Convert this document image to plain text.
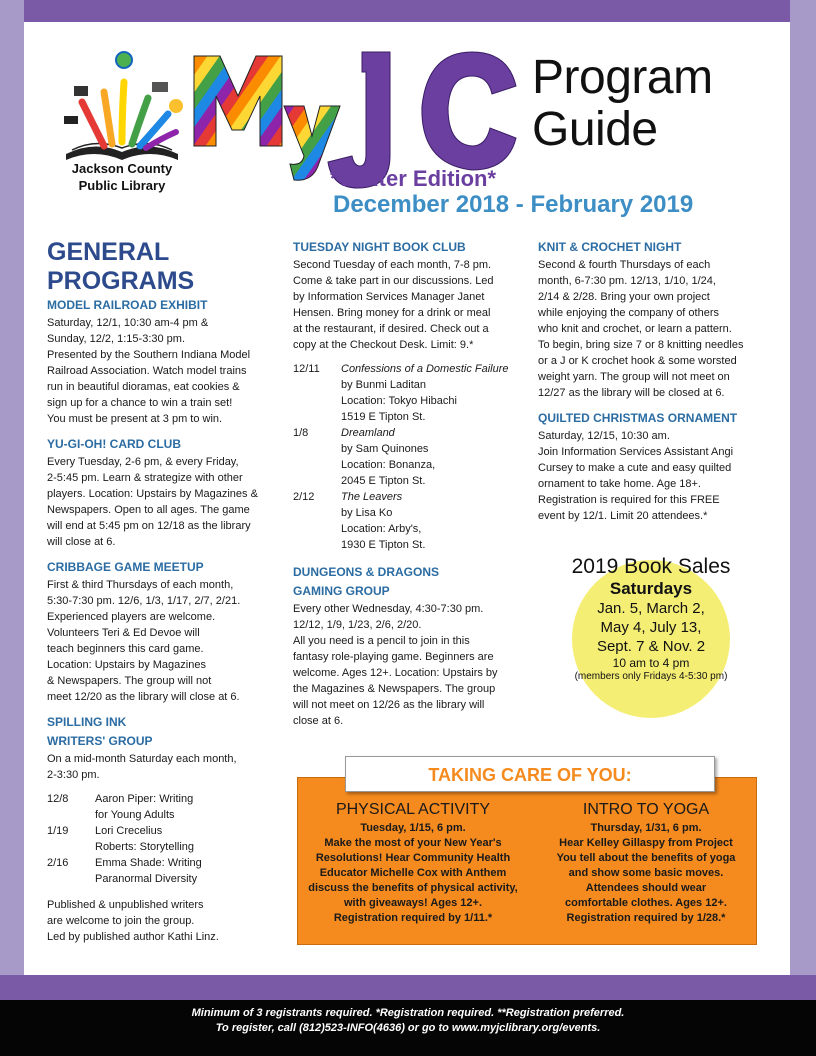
Jackson County
Public Library
Program
Guide
*Winter Edition*
December 2018 - February 2019
GENERAL
PROGRAMS
MODEL RAILROAD EXHIBIT

Saturday, 12/1, 10:30 am-4 pm &

Sunday, 12/2, 1:15-3:30 pm.

Presented by the Southern Indiana Model

Railroad Association. Watch model trains

run in beautiful dioramas, eat cookies &

sign up for a chance to win a train set!

You must be present at 3 pm to win.

YU-GI-OH! CARD CLUB

Every Tuesday, 2-6 pm, & every Friday,

2-5:45 pm. Learn & strategize with other

players. Location: Upstairs by Magazines &

Newspapers. Open to all ages. The game

will end at 5:45 pm on 12/18 as the library

will close at 6.

CRIBBAGE GAME MEETUP

First & third Thursdays of each month,

5:30-7:30 pm. 12/6, 1/3, 1/17, 2/7, 2/21.

Experienced players are welcome.

Volunteers Teri & Ed Devoe will

teach beginners this card game.

Location: Upstairs by Magazines

& Newspapers. The group will not

meet 12/20 as the library will close at 6.

SPILLING INK
WRITERS' GROUP

On a mid-month Saturday each month,

2-3:30 pm.

12/8	Aaron Piper: Writing

for Young Adults

1/19	Lori Crecelius

Roberts: Storytelling

2/16	Emma Shade: Writing

Paranormal Diversity

Published & unpublished writers

are welcome to join the group.

Led by published author Kathi Linz.

TUESDAY NIGHT BOOK CLUB

Second Tuesday of each month, 7-8 pm.

Come & take part in our discussions. Led

by Information Services Manager Janet

Hensen. Bring money for a drink or meal

at the restaurant, if desired. Check out a

copy at the Checkout Desk. Limit: 9.*

12/11	Confessions of a Domestic Failure

by Bunmi Laditan

Location: Tokyo Hibachi

1519 E Tipton St.

1/8	Dreamland

by Sam Quinones

Location: Bonanza,

2045 E Tipton St.

2/12	The Leavers

by Lisa Ko

Location: Arby's,

1930 E Tipton St.

DUNGEONS & DRAGONS
GAMING GROUP

Every other Wednesday, 4:30-7:30 pm.

12/12, 1/9, 1/23, 2/6, 2/20.

All you need is a pencil to join in this

fantasy role-playing game. Beginners are

welcome. Ages 12+. Location: Upstairs by

the Magazines & Newspapers. The group

will not meet on 12/26 as the library will

close at 6.

KNIT & CROCHET NIGHT

Second & fourth Thursdays of each

month, 6-7:30 pm. 12/13, 1/10, 1/24,

2/14 & 2/28. Bring your own project

while enjoying the company of others

who knit and crochet, or learn a pattern.

To begin, bring size 7 or 8 knitting needles

or a J or K crochet hook & some worsted

weight yarn. The group will not meet on

12/27 as the library will be closed at 6.

QUILTED CHRISTMAS ORNAMENT

Saturday, 12/15, 10:30 am.

Join Information Services Assistant Angi

Cursey to make a cute and easy quilted

ornament to take home. Age 18+.

Registration is required for this FREE

event by 12/1. Limit 20 attendees.*

2019 Book Sales
Saturdays
Jan. 5, March 2,
May 4, July 13,
Sept. 7 & Nov. 2
10 am to 4 pm
(members only Fridays 4-5:30 pm)
TAKING CARE OF YOU:
PHYSICAL ACTIVITY

Tuesday, 1/15, 6 pm.

Make the most of your New Year's

Resolutions! Hear Community Health

Educator Michelle Cox with Anthem

discuss the benefits of physical activity,

with giveaways! Ages 12+.

Registration required by 1/11.*

INTRO TO YOGA

Thursday, 1/31, 6 pm.

Hear Kelley Gillaspy from Project

You tell about the benefits of yoga

and show some basic moves.

Attendees should wear

comfortable clothes. Ages 12+.

Registration required by 1/28.*

Minimum of 3 registrants required. *Registration required. **Registration preferred.
To register, call (812)523-INFO(4636) or go to www.myjclibrary.org/events.
